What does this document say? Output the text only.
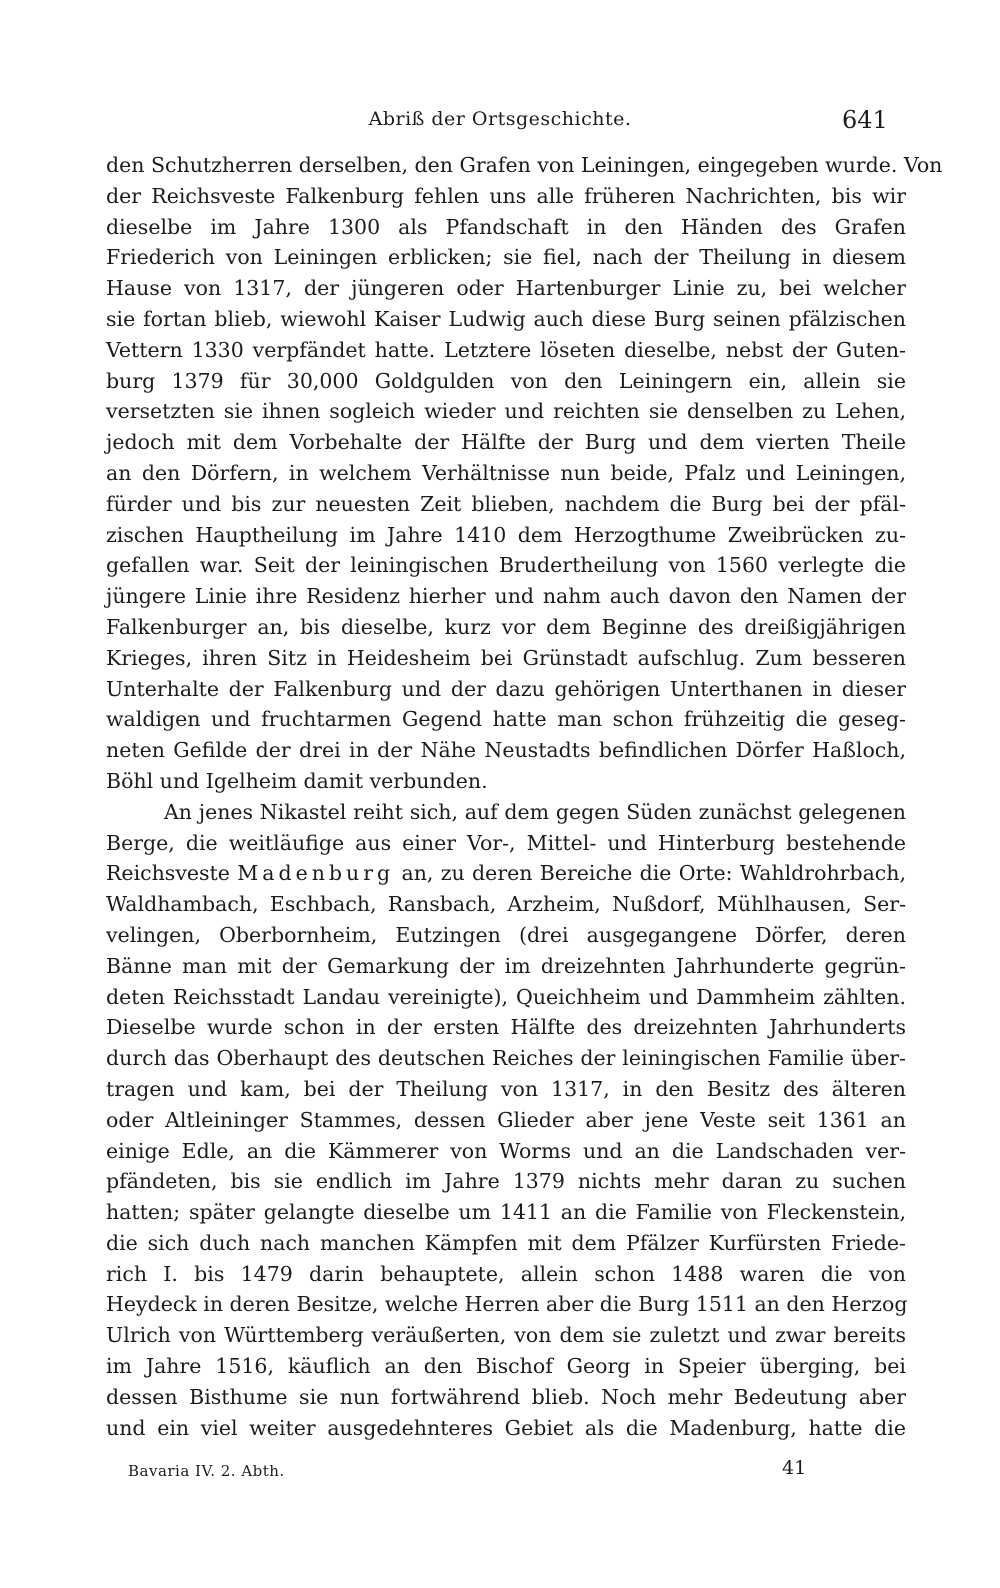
Abriß der Ortsgeschichte.	641
den Schutzherren derselben, den Grafen von Leiningen, eingegeben wurde. Von
der Reichsveste Falkenburg fehlen uns alle früheren Nachrichten, bis wir
dieselbe im Jahre 1300 als Pfandschaft in den Händen des Grafen
Friederich von Leiningen erblicken; sie fiel, nach der Theilung in diesem
Hause von 1317, der jüngeren oder Hartenburger Linie zu, bei welcher
sie fortan blieb, wiewohl Kaiser Ludwig auch diese Burg seinen pfälzischen
Vettern 1330 verpfändet hatte. Letztere löseten dieselbe, nebst der Guten-
burg 1379 für 30,000 Goldgulden von den Leiningern ein, allein sie
versetzten sie ihnen sogleich wieder und reichten sie denselben zu Lehen,
jedoch mit dem Vorbehalte der Hälfte der Burg und dem vierten Theile
an den Dörfern, in welchem Verhältnisse nun beide, Pfalz und Leiningen,
fürder und bis zur neuesten Zeit blieben, nachdem die Burg bei der pfäl-
zischen Hauptheilung im Jahre 1410 dem Herzogthume Zweibrücken zu-
gefallen war. Seit der leiningischen Brudertheilung von 1560 verlegte die
jüngere Linie ihre Residenz hierher und nahm auch davon den Namen der
Falkenburger an, bis dieselbe, kurz vor dem Beginne des dreißigjährigen
Krieges, ihren Sitz in Heidesheim bei Grünstadt aufschlug. Zum besseren
Unterhalte der Falkenburg und der dazu gehörigen Unterthanen in dieser
waldigen und fruchtarmen Gegend hatte man schon frühzeitig die geseg-
neten Gefilde der drei in der Nähe Neustadts befindlichen Dörfer Haßloch,
Böhl und Igelheim damit verbunden.
An jenes Nikastel reiht sich, auf dem gegen Süden zunächst gelegenen
Berge, die weitläufige aus einer Vor-, Mittel- und Hinterburg bestehende
Reichsveste Madenburg an, zu deren Bereiche die Orte: Wahldrohrbach,
Waldhambach, Eschbach, Ransbach, Arzheim, Nußdorf, Mühlhausen, Ser-
velingen, Oberbornheim, Eutzingen (drei ausgegangene Dörfer, deren
Bänne man mit der Gemarkung der im dreizehnten Jahrhunderte gegrün-
deten Reichsstadt Landau vereinigte), Queichheim und Dammheim zählten.
Dieselbe wurde schon in der ersten Hälfte des dreizehnten Jahrhunderts
durch das Oberhaupt des deutschen Reiches der leiningischen Familie über-
tragen und kam, bei der Theilung von 1317, in den Besitz des älteren
oder Altleininger Stammes, dessen Glieder aber jene Veste seit 1361 an
einige Edle, an die Kämmerer von Worms und an die Landschaden ver-
pfändeten, bis sie endlich im Jahre 1379 nichts mehr daran zu suchen
hatten; später gelangte dieselbe um 1411 an die Familie von Fleckenstein,
die sich duch nach manchen Kämpfen mit dem Pfälzer Kurfürsten Friede-
rich I. bis 1479 darin behauptete, allein schon 1488 waren die von
Heydeck in deren Besitze, welche Herren aber die Burg 1511 an den Herzog
Ulrich von Württemberg veräußerten, von dem sie zuletzt und zwar bereits
im Jahre 1516, käuflich an den Bischof Georg in Speier überging, bei
dessen Bisthume sie nun fortwährend blieb. Noch mehr Bedeutung aber
und ein viel weiter ausgedehnteres Gebiet als die Madenburg, hatte die
Bavaria IV. 2. Abth.	41
